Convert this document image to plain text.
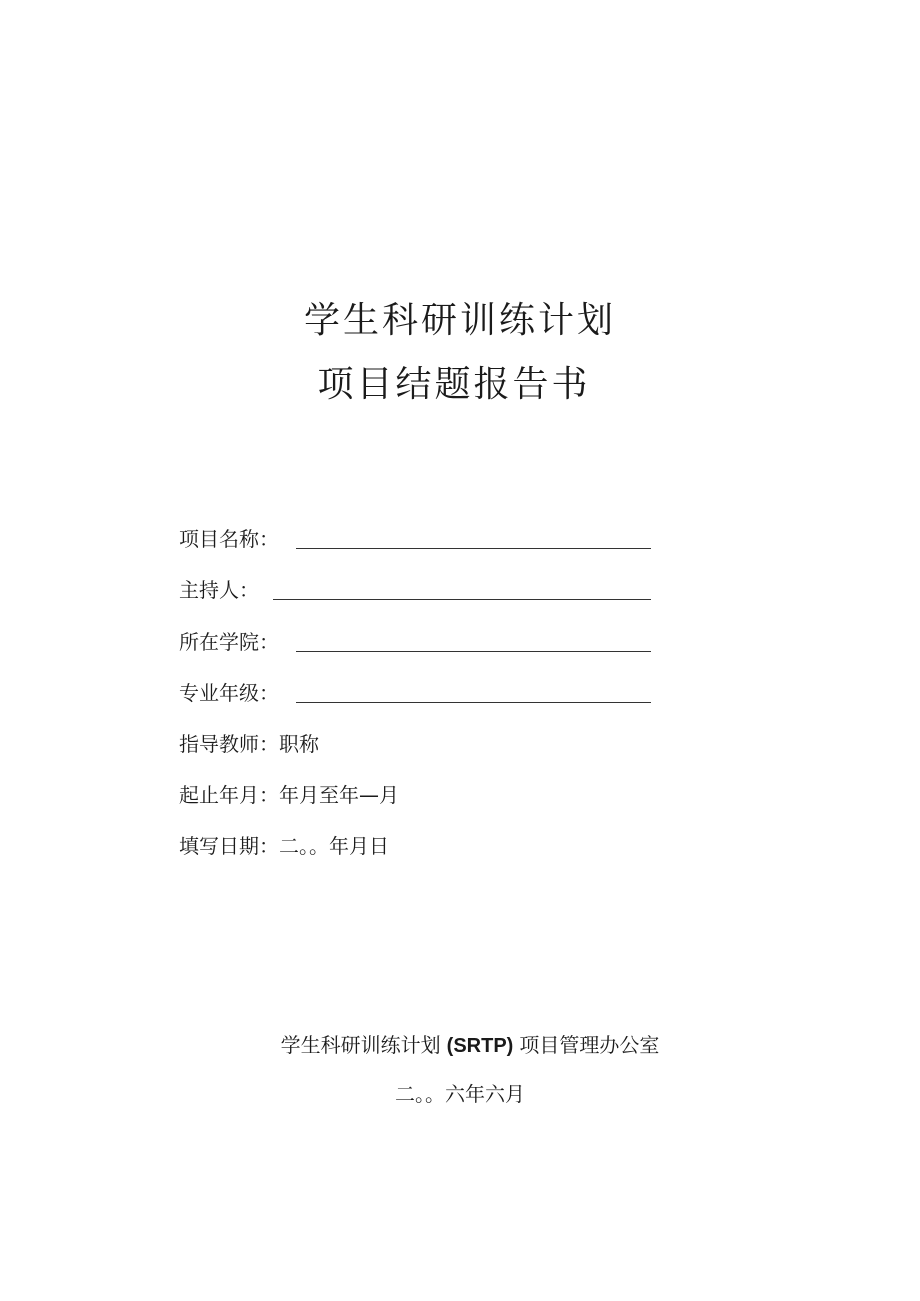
学生科研训练计划
项目结题报告书
项目名称：
主持人：
所在学院：
专业年级：
指导教师：职称
起止年月：年月至年—月
填写日期：二。。年月日
学生科研训练计划 (SRTP) 项目管理办公室
二。。六年六月
